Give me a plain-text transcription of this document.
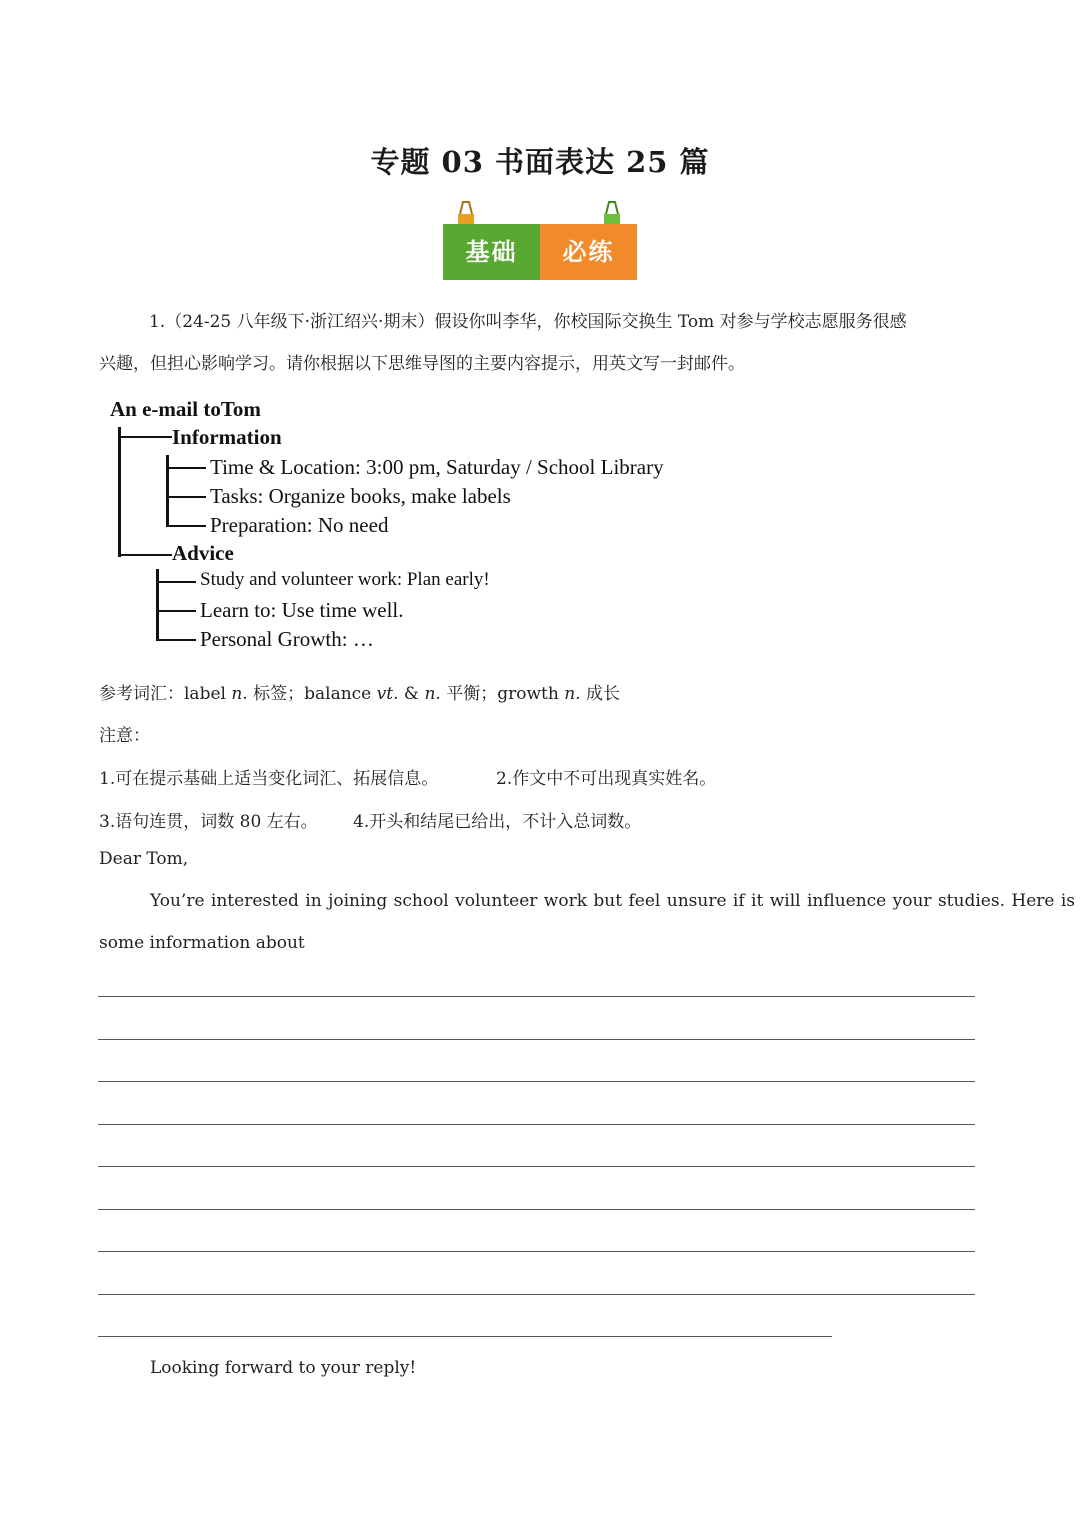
专题 03 书面表达 25 篇
基础	必练
1.（24-25 八年级下·浙江绍兴·期末）假设你叫李华，你校国际交换生 Tom 对参与学校志愿服务很感
兴趣，但担心影响学习。请你根据以下思维导图的主要内容提示，用英文写一封邮件。
An e-mail toTom
Information
Advice
Time & Location: 3:00 pm, Saturday / School Library
Tasks: Organize books, make labels
Preparation: No need
Study and volunteer work: Plan early!
Learn to: Use time well.
Personal Growth: …
参考词汇：label n. 标签；balance vt. & n. 平衡；growth n. 成长
注意：
1.可在提示基础上适当变化词汇、拓展信息。	2.作文中不可出现真实姓名。
3.语句连贯，词数 80 左右。 4.开头和结尾已给出，不计入总词数。
Dear Tom,
You’re interested in joining school volunteer work but feel unsure if it will influence your studies. Here is
some information about
Looking forward to your reply!
